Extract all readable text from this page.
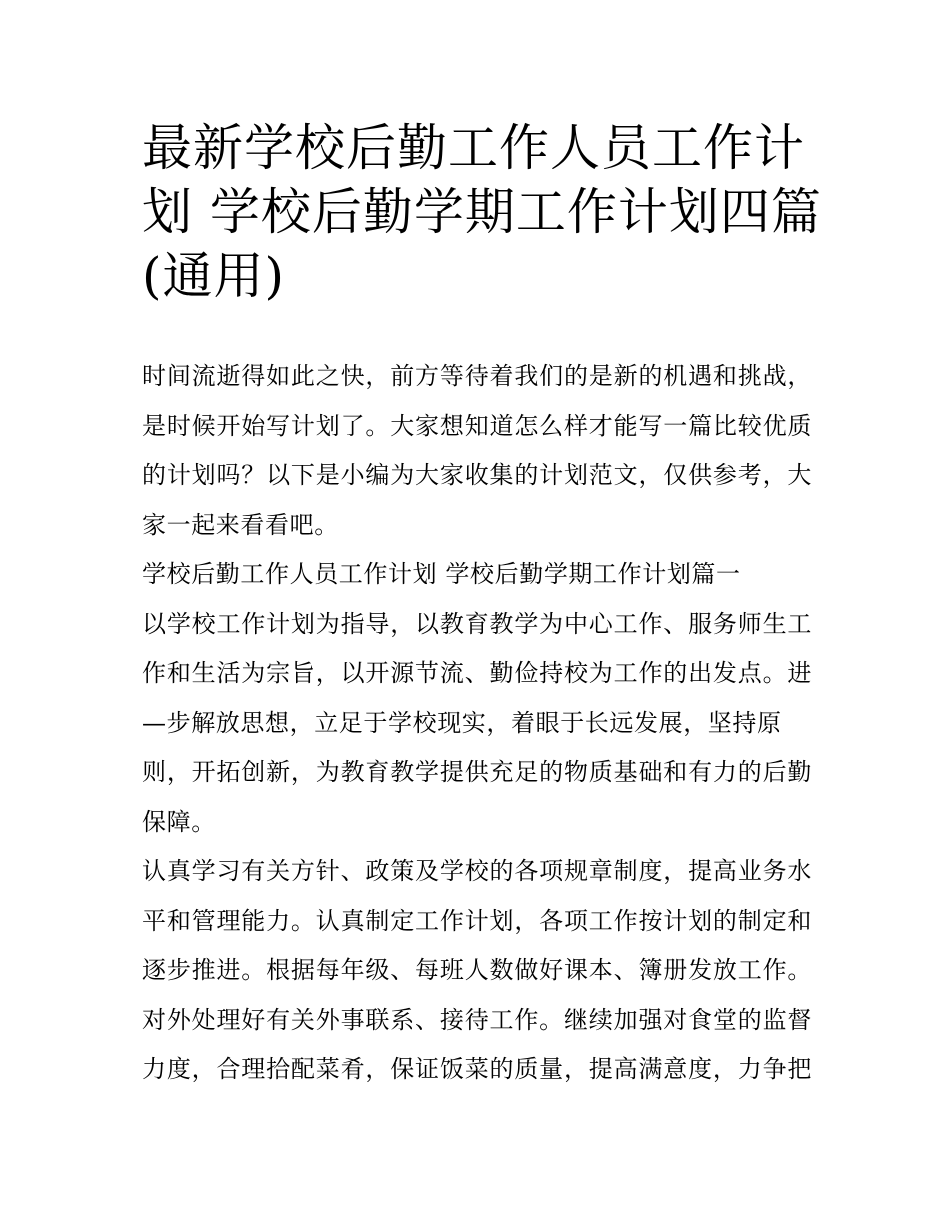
最新学校后勤工作人员工作计
划 学校后勤学期工作计划四篇
(通用)
时间流逝得如此之快，前方等待着我们的是新的机遇和挑战，
是时候开始写计划了。大家想知道怎么样才能写一篇比较优质
的计划吗？以下是小编为大家收集的计划范文，仅供参考，大
家一起来看看吧。
学校后勤工作人员工作计划 学校后勤学期工作计划篇一
以学校工作计划为指导，以教育教学为中心工作、服务师生工
作和生活为宗旨，以开源节流、勤俭持校为工作的出发点。进
—步解放思想，立足于学校现实，着眼于长远发展，坚持原
则，开拓创新，为教育教学提供充足的物质基础和有力的后勤
保障。
认真学习有关方针、政策及学校的各项规章制度，提高业务水
平和管理能力。认真制定工作计划，各项工作按计划的制定和
逐步推进。根据每年级、每班人数做好课本、簿册发放工作。
对外处理好有关外事联系、接待工作。继续加强对食堂的监督
力度，合理拾配菜肴，保证饭菜的质量，提高满意度，力争把
